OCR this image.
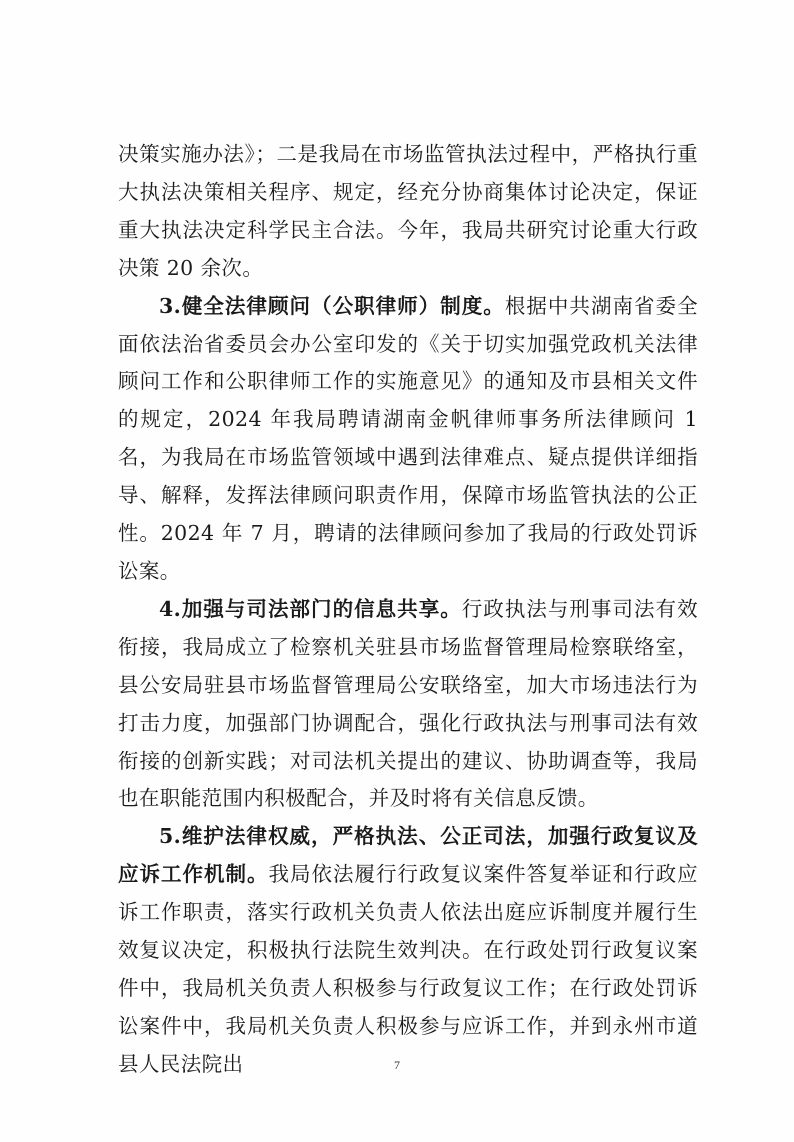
决策实施办法》；二是我局在市场监管执法过程中，严格执行重大执法决策相关程序、规定，经充分协商集体讨论决定，保证重大执法决定科学民主合法。今年，我局共研究讨论重大行政决策 20 余次。

3.健全法律顾问（公职律师）制度。根据中共湖南省委全面依法治省委员会办公室印发的《关于切实加强党政机关法律顾问工作和公职律师工作的实施意见》的通知及市县相关文件的规定，2024 年我局聘请湖南金帆律师事务所法律顾问 1 名，为我局在市场监管领域中遇到法律难点、疑点提供详细指导、解释，发挥法律顾问职责作用，保障市场监管执法的公正性。2024 年 7 月，聘请的法律顾问参加了我局的行政处罚诉讼案。

4.加强与司法部门的信息共享。行政执法与刑事司法有效衔接，我局成立了检察机关驻县市场监督管理局检察联络室，县公安局驻县市场监督管理局公安联络室，加大市场违法行为打击力度，加强部门协调配合，强化行政执法与刑事司法有效衔接的创新实践；对司法机关提出的建议、协助调查等，我局也在职能范围内积极配合，并及时将有关信息反馈。

5.维护法律权威，严格执法、公正司法，加强行政复议及应诉工作机制。我局依法履行行政复议案件答复举证和行政应诉工作职责，落实行政机关负责人依法出庭应诉制度并履行生效复议决定，积极执行法院生效判决。在行政处罚行政复议案件中，我局机关负责人积极参与行政复议工作；在行政处罚诉讼案件中，我局机关负责人积极参与应诉工作，并到永州市道县人民法院出	7
